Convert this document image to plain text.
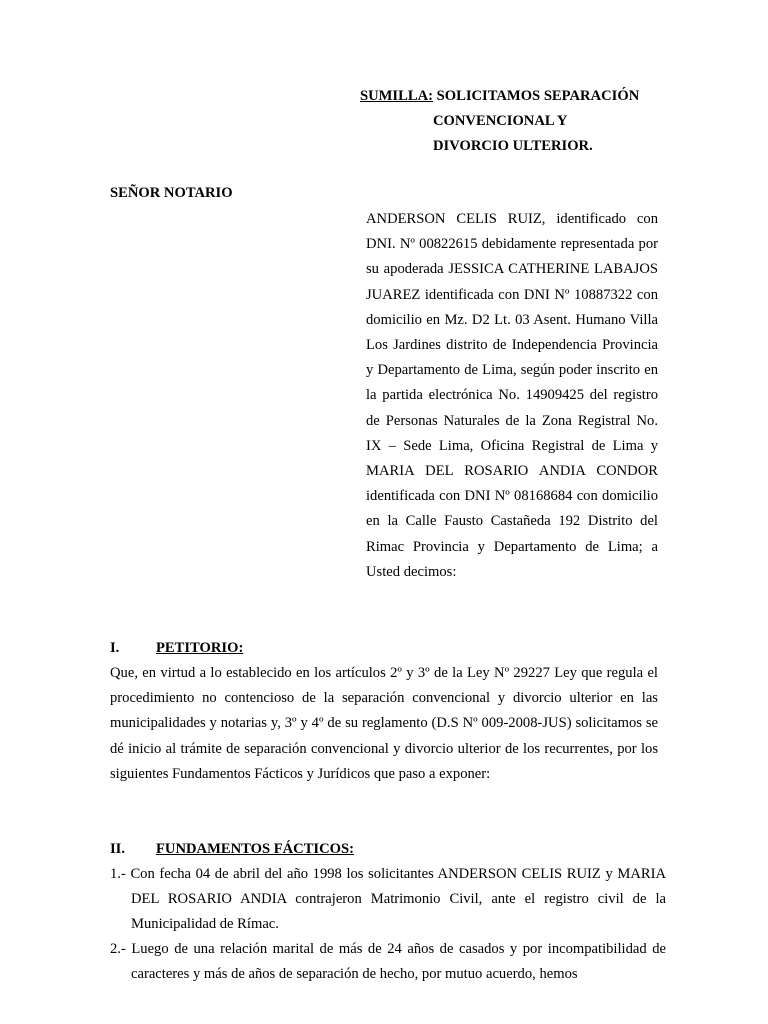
SUMILLA: SOLICITAMOS SEPARACIÓN
CONVENCIONAL Y
DIVORCIO ULTERIOR.
SEÑOR NOTARIO
ANDERSON CELIS RUIZ, identificado con DNI. Nº 00822615 debidamente representada por su apoderada JESSICA CATHERINE LABAJOS JUAREZ identificada con DNI Nº 10887322 con domicilio en Mz. D2 Lt. 03 Asent. Humano Villa Los Jardines distrito de Independencia Provincia y Departamento de Lima, según poder inscrito en la partida electrónica No. 14909425 del registro de Personas Naturales de la Zona Registral No. IX – Sede Lima, Oficina Registral de Lima y MARIA DEL ROSARIO ANDIA CONDOR identificada con DNI Nº 08168684 con domicilio en la Calle Fausto Castañeda 192 Distrito del Rimac Provincia y Departamento de Lima; a Usted decimos:
I.	PETITORIO:
Que, en virtud a lo establecido en los artículos 2º y 3º de la Ley Nº 29227 Ley que regula el procedimiento no contencioso de la separación convencional y divorcio ulterior en las municipalidades y notarias y, 3º y 4º de su reglamento (D.S Nº 009-2008-JUS) solicitamos se dé inicio al trámite de separación convencional y divorcio ulterior de los recurrentes, por los siguientes Fundamentos Fácticos y Jurídicos que paso a exponer:
II. FUNDAMENTOS FÁCTICOS:
1.- Con fecha 04 de abril del año 1998 los solicitantes ANDERSON CELIS RUIZ y MARIA DEL ROSARIO ANDIA contrajeron Matrimonio Civil, ante el registro civil de la Municipalidad de Rímac.
2.- Luego de una relación marital de más de 24 años de casados y por incompatibilidad de caracteres y más de años de separación de hecho, por mutuo acuerdo, hemos
